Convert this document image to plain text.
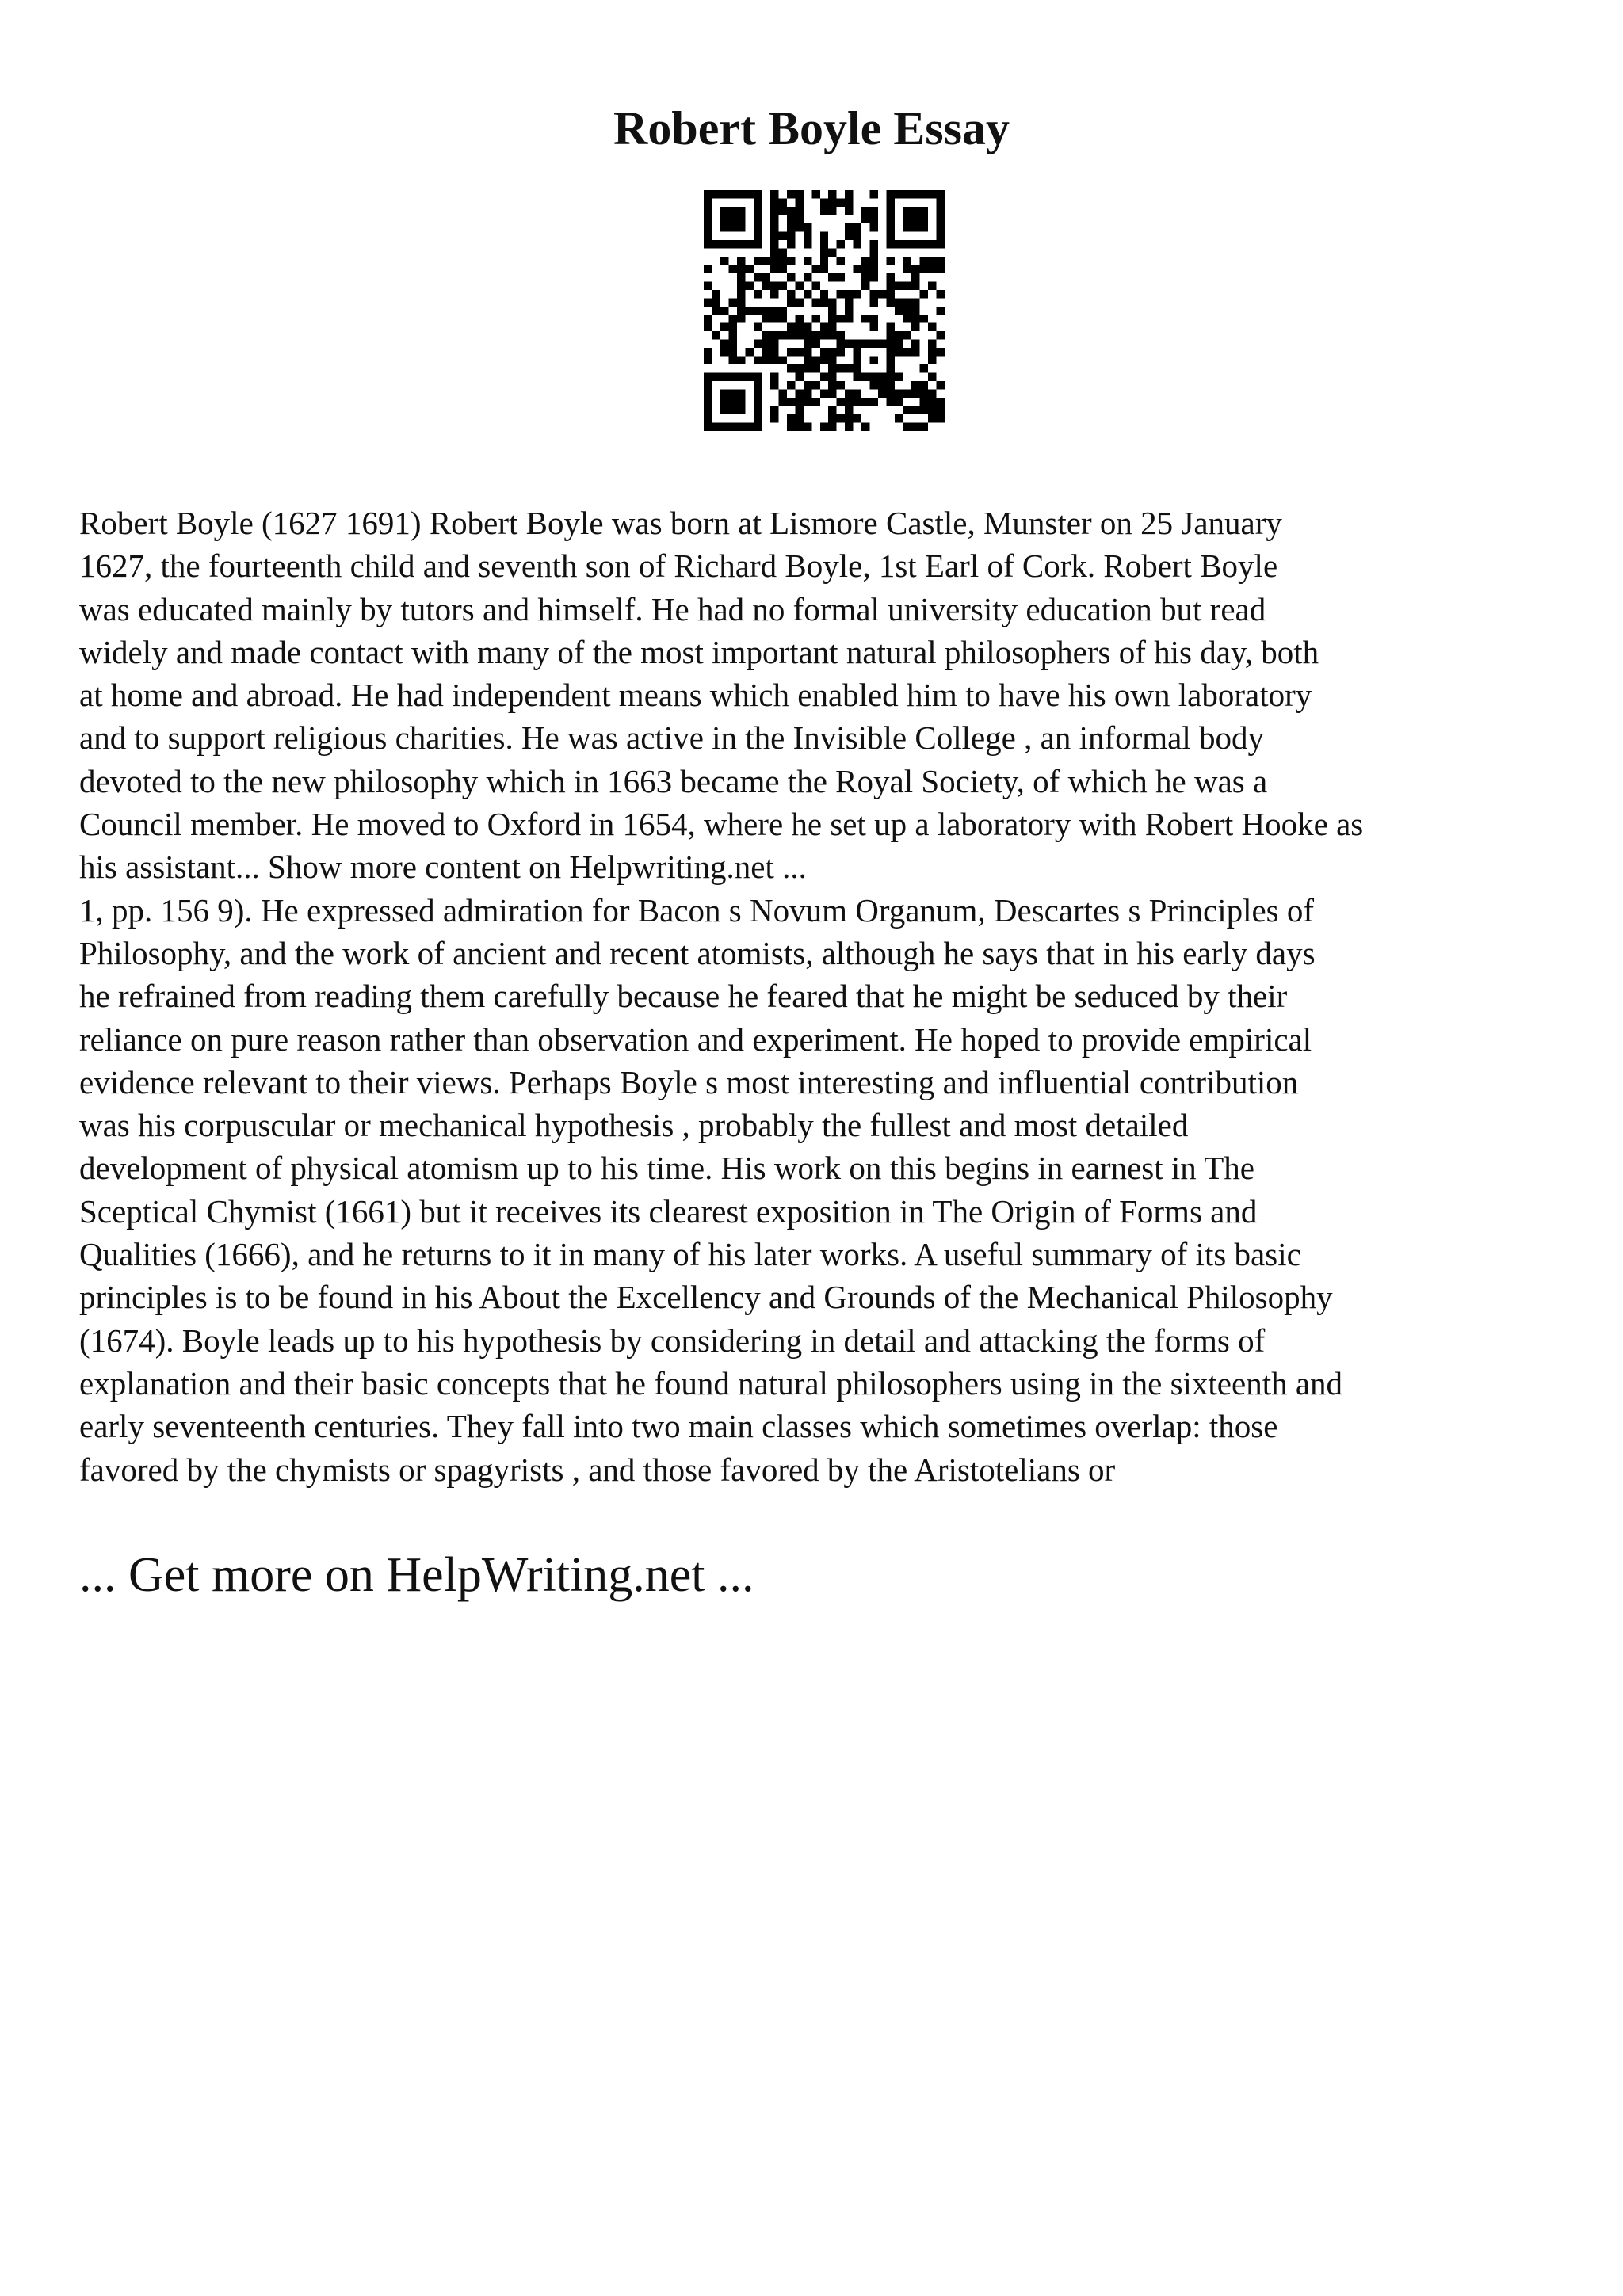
Robert Boyle Essay
Robert Boyle (1627 1691) Robert Boyle was born at Lismore Castle, Munster on 25 January
1627, the fourteenth child and seventh son of Richard Boyle, 1st Earl of Cork. Robert Boyle
was educated mainly by tutors and himself. He had no formal university education but read
widely and made contact with many of the most important natural philosophers of his day, both
at home and abroad. He had independent means which enabled him to have his own laboratory
and to support religious charities. He was active in the Invisible College , an informal body
devoted to the new philosophy which in 1663 became the Royal Society, of which he was a
Council member. He moved to Oxford in 1654, where he set up a laboratory with Robert Hooke as
his assistant... Show more content on Helpwriting.net ...
1, pp. 156 9). He expressed admiration for Bacon s Novum Organum, Descartes s Principles of
Philosophy, and the work of ancient and recent atomists, although he says that in his early days
he refrained from reading them carefully because he feared that he might be seduced by their
reliance on pure reason rather than observation and experiment. He hoped to provide empirical
evidence relevant to their views. Perhaps Boyle s most interesting and influential contribution
was his corpuscular or mechanical hypothesis , probably the fullest and most detailed
development of physical atomism up to his time. His work on this begins in earnest in The
Sceptical Chymist (1661) but it receives its clearest exposition in The Origin of Forms and
Qualities (1666), and he returns to it in many of his later works. A useful summary of its basic
principles is to be found in his About the Excellency and Grounds of the Mechanical Philosophy
(1674). Boyle leads up to his hypothesis by considering in detail and attacking the forms of
explanation and their basic concepts that he found natural philosophers using in the sixteenth and
early seventeenth centuries. They fall into two main classes which sometimes overlap: those
favored by the chymists or spagyrists , and those favored by the Aristotelians or

... Get more on HelpWriting.net ...
